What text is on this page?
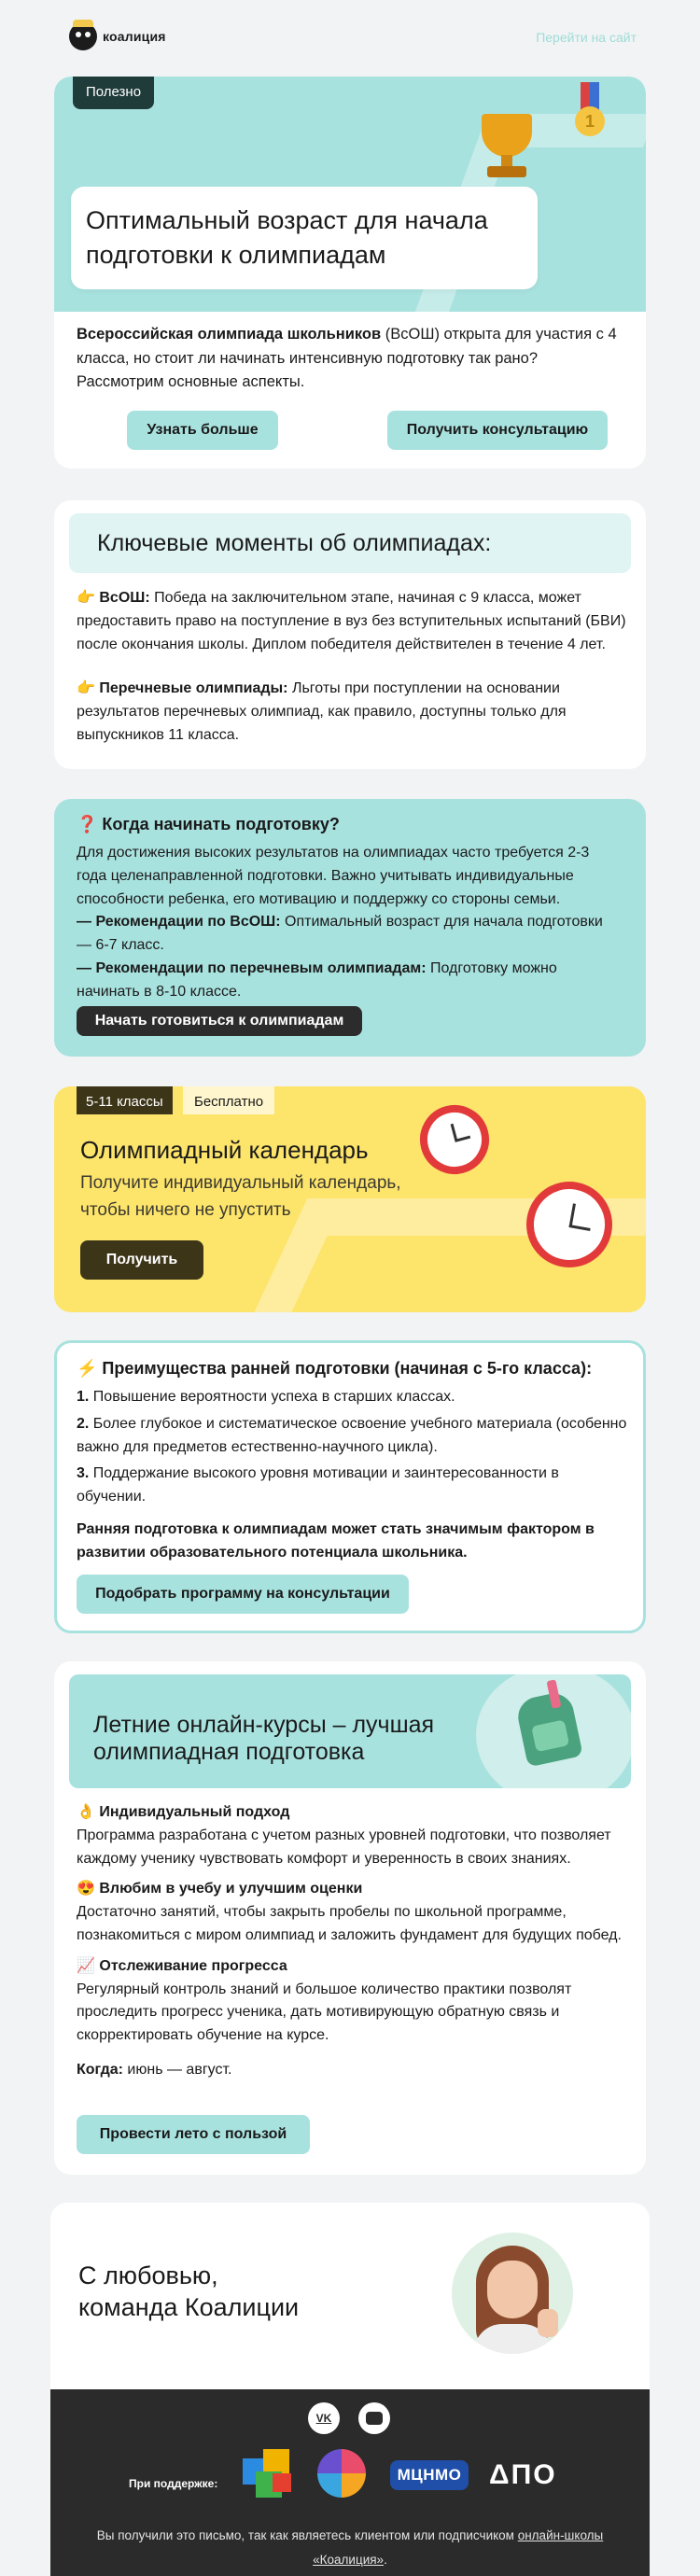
коалиция	Перейти на сайт
Полезно
1
Оптимальный возраст для начала подготовки к олимпиадам
Всероссийская олимпиада школьников (ВсОШ) открыта для участия с 4 класса, но стоит ли начинать интенсивную подготовку так рано? Рассмотрим основные аспекты.
Узнать больше	Получить консультацию
Ключевые моменты об олимпиадах:
👉 ВсОШ: Победа на заключительном этапе, начиная с 9 класса, может предоставить право на поступление в вуз без вступительных испытаний (БВИ) после окончания школы. Диплом победителя действителен в течение 4 лет.
👉 Перечневые олимпиады: Льготы при поступлении на основании результатов перечневых олимпиад, как правило, доступны только для выпускников 11 класса.
❓ Когда начинать подготовку?
Для достижения высоких результатов на олимпиадах часто требуется 2-3 года целенаправленной подготовки. Важно учитывать индивидуальные способности ребенка, его мотивацию и поддержку со стороны семьи.
— Рекомендации по ВсОШ: Оптимальный возраст для начала подготовки — 6-7 класс.
— Рекомендации по перечневым олимпиадам: Подготовку можно начинать в 8-10 классе.
Начать готовиться к олимпиадам
5-11 классы	Бесплатно
Олимпиадный календарь
Получите индивидуальный календарь, чтобы ничего не упустить
Получить
⚡ Преимущества ранней подготовки (начиная с 5-го класса):

1. Повышение вероятности успеха в старших классах.

2. Более глубокое и систематическое освоение учебного материала (особенно важно для предметов естественно-научного цикла).

3. Поддержание высокого уровня мотивации и заинтересованности в обучении.

Ранняя подготовка к олимпиадам может стать значимым фактором в развитии образовательного потенциала школьника.

Подобрать программу на консультации
Летние онлайн-курсы – лучшая олимпиадная подготовка
👌 Индивидуальный подход
Программа разработана с учетом разных уровней подготовки, что позволяет каждому ученику чувствовать комфорт и уверенность в своих знаниях.
😍 Влюбим в учебу и улучшим оценки
Достаточно занятий, чтобы закрыть пробелы по школьной программе, познакомиться с миром олимпиад и заложить фундамент для будущих побед.
📈 Отслеживание прогресса
Регулярный контроль знаний и большое количество практики позволят проследить прогресс ученика, дать мотивирующую обратную связь и скорректировать обучение на курсе.
Когда: июнь — август.
Провести лето с пользой
С любовью,
команда Коалиции
VK
При поддержке:	МЦНМО ΔΠΟ
Вы получили это письмо, так как являетесь клиентом или подписчиком онлайн-школы «Коалиция».
